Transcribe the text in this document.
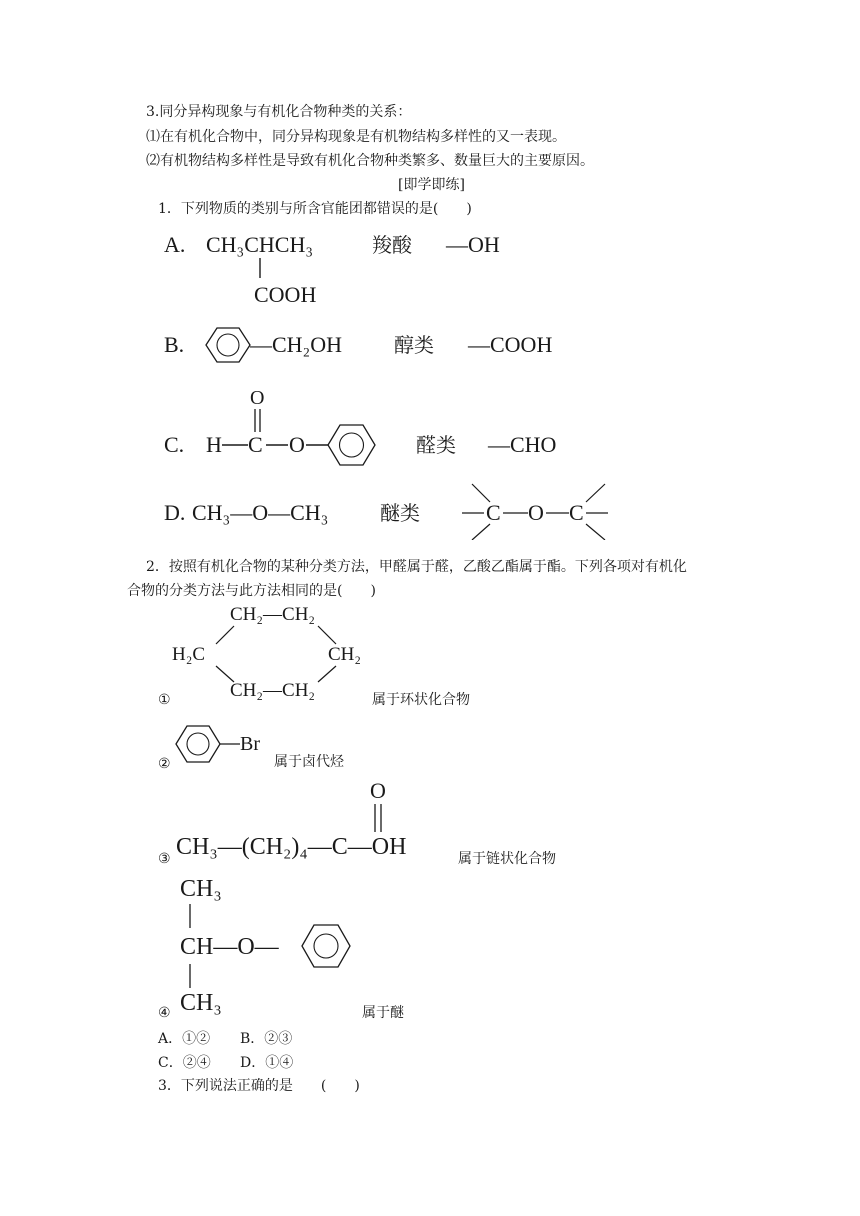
3.同分异构现象与有机化合物种类的关系：
⑴在有机化合物中，同分异构现象是有机物结构多样性的又一表现。
⑵有机物结构多样性是导致有机化合物种类繁多、数量巨大的主要原因。
[即学即练]
1．下列物质的类别与所含官能团都错误的是(　　)
A. CH₃CHCH₃
COOH
羧酸 —OH
B.	—CH₂OH	醇类 —COOH
C. H C
O
O	醛类 —CHO
D. CH₃—O—CH₃	醚类	C O C
2．按照有机化合物的某种分类方法，甲醛属于醛，乙酸乙酯属于酯。下列各项对有机化
合物的分类方法与此方法相同的是(　　)
CH₂—CH₂
H₂C	CH₂
CH₂—CH₂
①	属于环状化合物
Br
②	属于卤代烃
O
CH₃—(CH₂)₄—C—OH
③	属于链状化合物
CH₃
CH—O—
CH₃
④	属于醚
A．①② B．②③
C．②④ D．①④
3．下列说法正确的是　　(　　)
